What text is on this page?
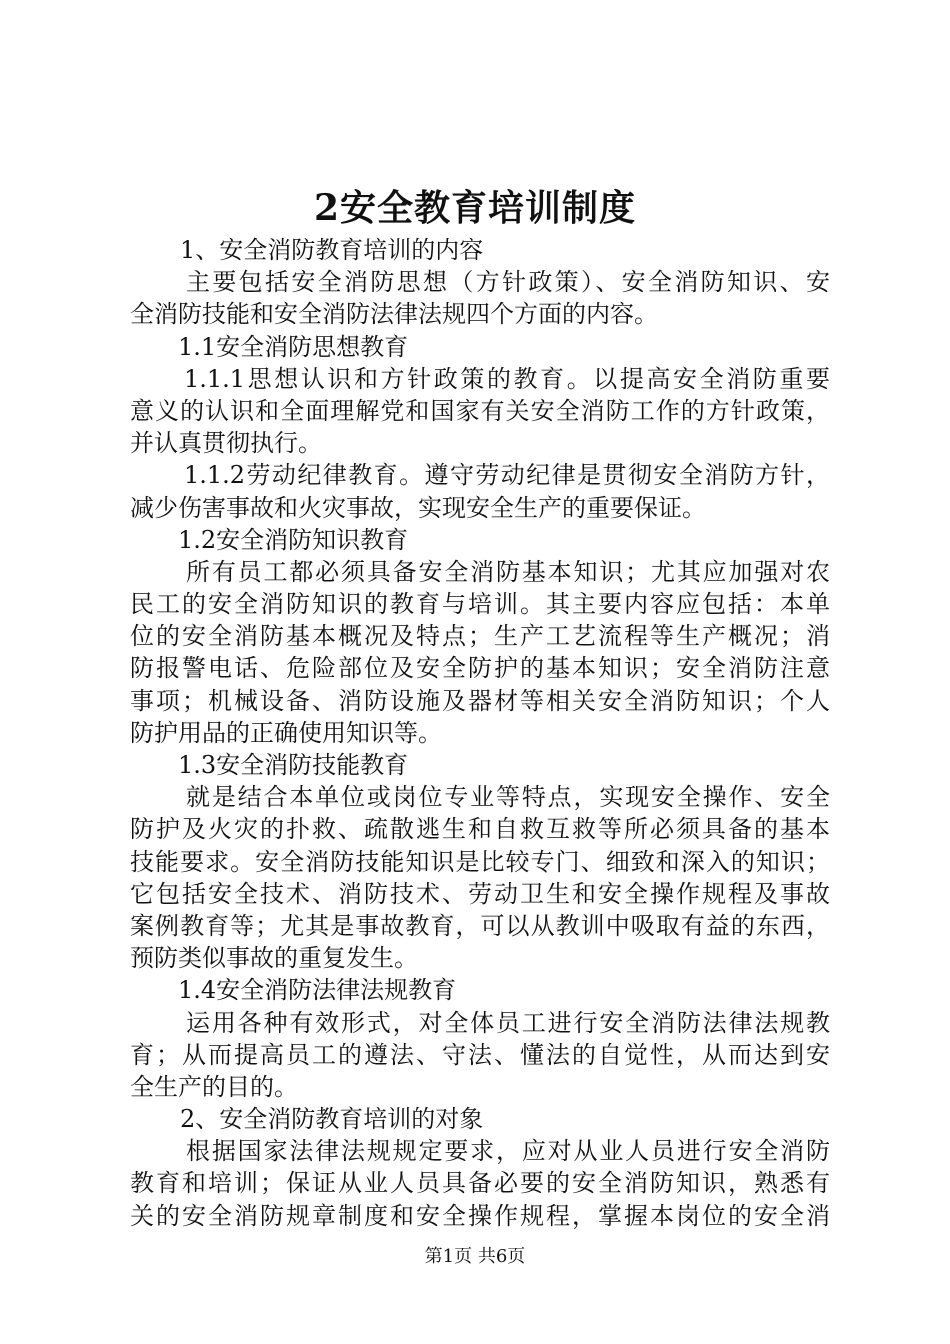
2安全教育培训制度
1、安全消防教育培训的内容
主要包括安全消防思想（方针政策）、安全消防知识、安
全消防技能和安全消防法律法规四个方面的内容。
1.1安全消防思想教育
1.1.1思想认识和方针政策的教育。以提高安全消防重要
意义的认识和全面理解党和国家有关安全消防工作的方针政策，
并认真贯彻执行。
1.1.2劳动纪律教育。遵守劳动纪律是贯彻安全消防方针，
减少伤害事故和火灾事故，实现安全生产的重要保证。
1.2安全消防知识教育
所有员工都必须具备安全消防基本知识；尤其应加强对农
民工的安全消防知识的教育与培训。其主要内容应包括：本单
位的安全消防基本概况及特点；生产工艺流程等生产概况；消
防报警电话、危险部位及安全防护的基本知识；安全消防注意
事项；机械设备、消防设施及器材等相关安全消防知识；个人
防护用品的正确使用知识等。
1.3安全消防技能教育
就是结合本单位或岗位专业等特点，实现安全操作、安全
防护及火灾的扑救、疏散逃生和自救互救等所必须具备的基本
技能要求。安全消防技能知识是比较专门、细致和深入的知识；
它包括安全技术、消防技术、劳动卫生和安全操作规程及事故
案例教育等；尤其是事故教育，可以从教训中吸取有益的东西，
预防类似事故的重复发生。
1.4安全消防法律法规教育
运用各种有效形式，对全体员工进行安全消防法律法规教
育；从而提高员工的遵法、守法、懂法的自觉性，从而达到安
全生产的目的。
2、安全消防教育培训的对象
根据国家法律法规规定要求，应对从业人员进行安全消防
教育和培训；保证从业人员具备必要的安全消防知识，熟悉有
关的安全消防规章制度和安全操作规程，掌握本岗位的安全消
第1页 共6页
